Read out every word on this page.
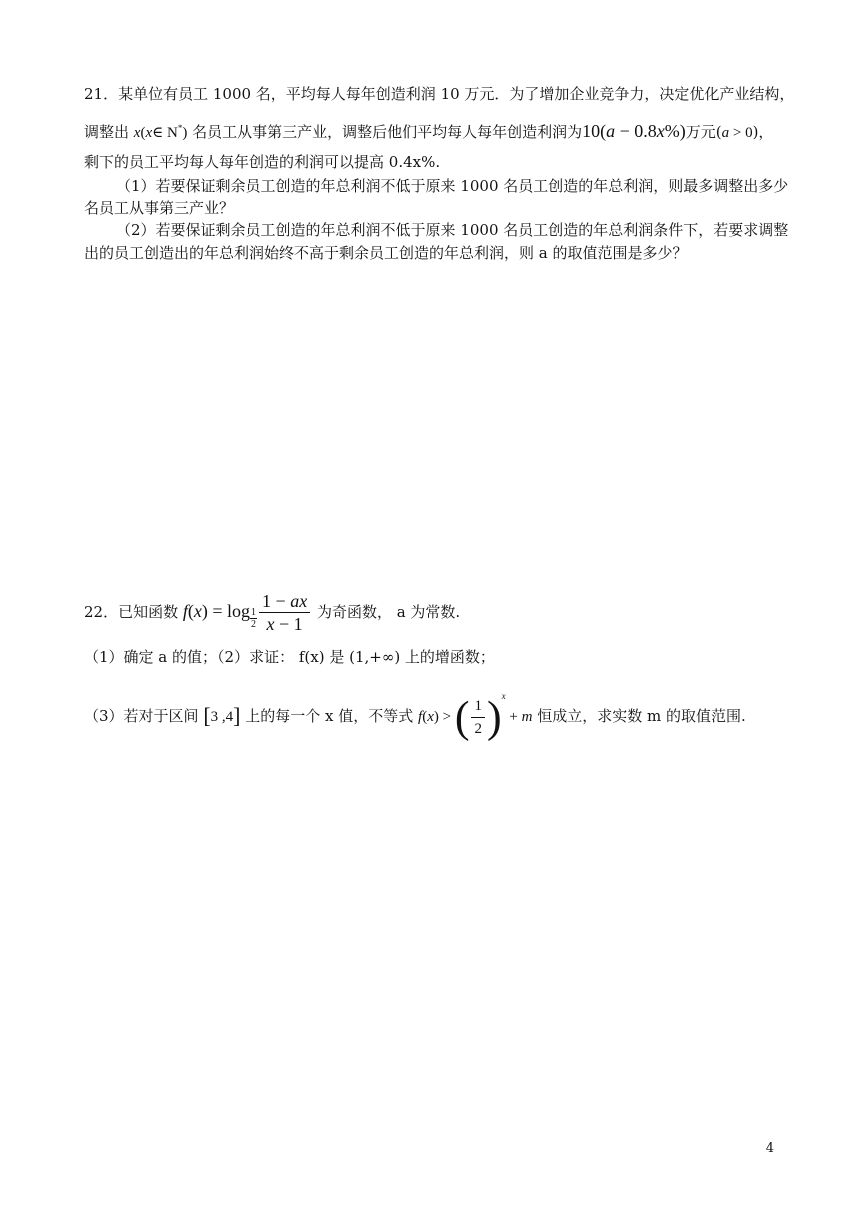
21．某单位有员工 1000 名，平均每人每年创造利润 10 万元．为了增加企业竞争力，决定优化产业结构，
调整出 x(x∈ N*) 名员工从事第三产业，调整后他们平均每人每年创造利润为10(a − 0.8x%)万元(a > 0)，
剩下的员工平均每人每年创造的利润可以提高 0.4x%.
（1）若要保证剩余员工创造的年总利润不低于原来 1000 名员工创造的年总利润，则最多调整出多少
名员工从事第三产业？
（2）若要保证剩余员工创造的年总利润不低于原来 1000 名员工创造的年总利润条件下，若要求调整
出的员工创造出的年总利润始终不高于剩余员工创造的年总利润，则 a 的取值范围是多少？
22．已知函数 $f(x) = \log \frac{1}{2} \frac{1 - ax}{x - 1}$ 为奇函数， a 为常数.
（1）确定 a 的值；（2）求证： f(x) 是 (1,+∞) 上的增函数；
（3）若对于区间 [3 ,4] 上的每一个 x 值，不等式 f(x) > ( $\frac{1}{2} )^x + m$ 恒成立，求实数 m 的取值范围.
4
